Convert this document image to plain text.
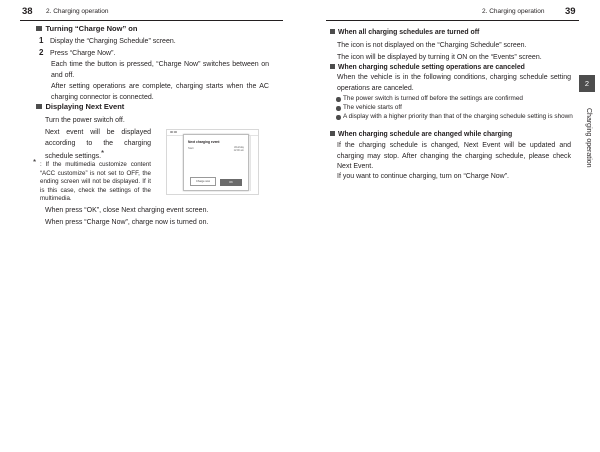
38 2. Charging operation	2. Charging operation 39
Turning “Charge Now” on
1 Display the “Charging Schedule” screen.
2 Press “Charge Now”.
Each time the button is pressed, “Charge Now” switches between on and off.
After setting operations are complete, charging starts when the AC charging connector is connected.
Displaying Next Event
Turn the power switch off.
Next event will be displayed according to the charging schedule settings.*
* : If the multimedia customize content “ACC customize” is not set to OFF, the ending screen will not be displayed. If it is this case, check the settings of the multimedia.
00:00
Next charging event
Start	Wed/day
12:00 am
Charge now	OK
When press “OK”, close Next charging event screen.
When press “Charge Now”, charge now is turned on.
When all charging schedules are turned off
The icon is not displayed on the “Charging Schedule” screen.
The icon will be displayed by turning it ON on the “Events” screen.
When charging schedule setting operations are canceled
When the vehicle is in the following conditions, charging schedule setting operations are canceled.
The power switch is turned off before the settings are confirmed
The vehicle starts off
A display with a higher priority than that of the charging schedule setting is shown
When charging schedule are changed while charging
If the charging schedule is changed, Next Event will be updated and charging may stop. After changing the charging schedule, please check Next Event.
If you want to continue charging, turn on “Charge Now”.
2
Charging operation
